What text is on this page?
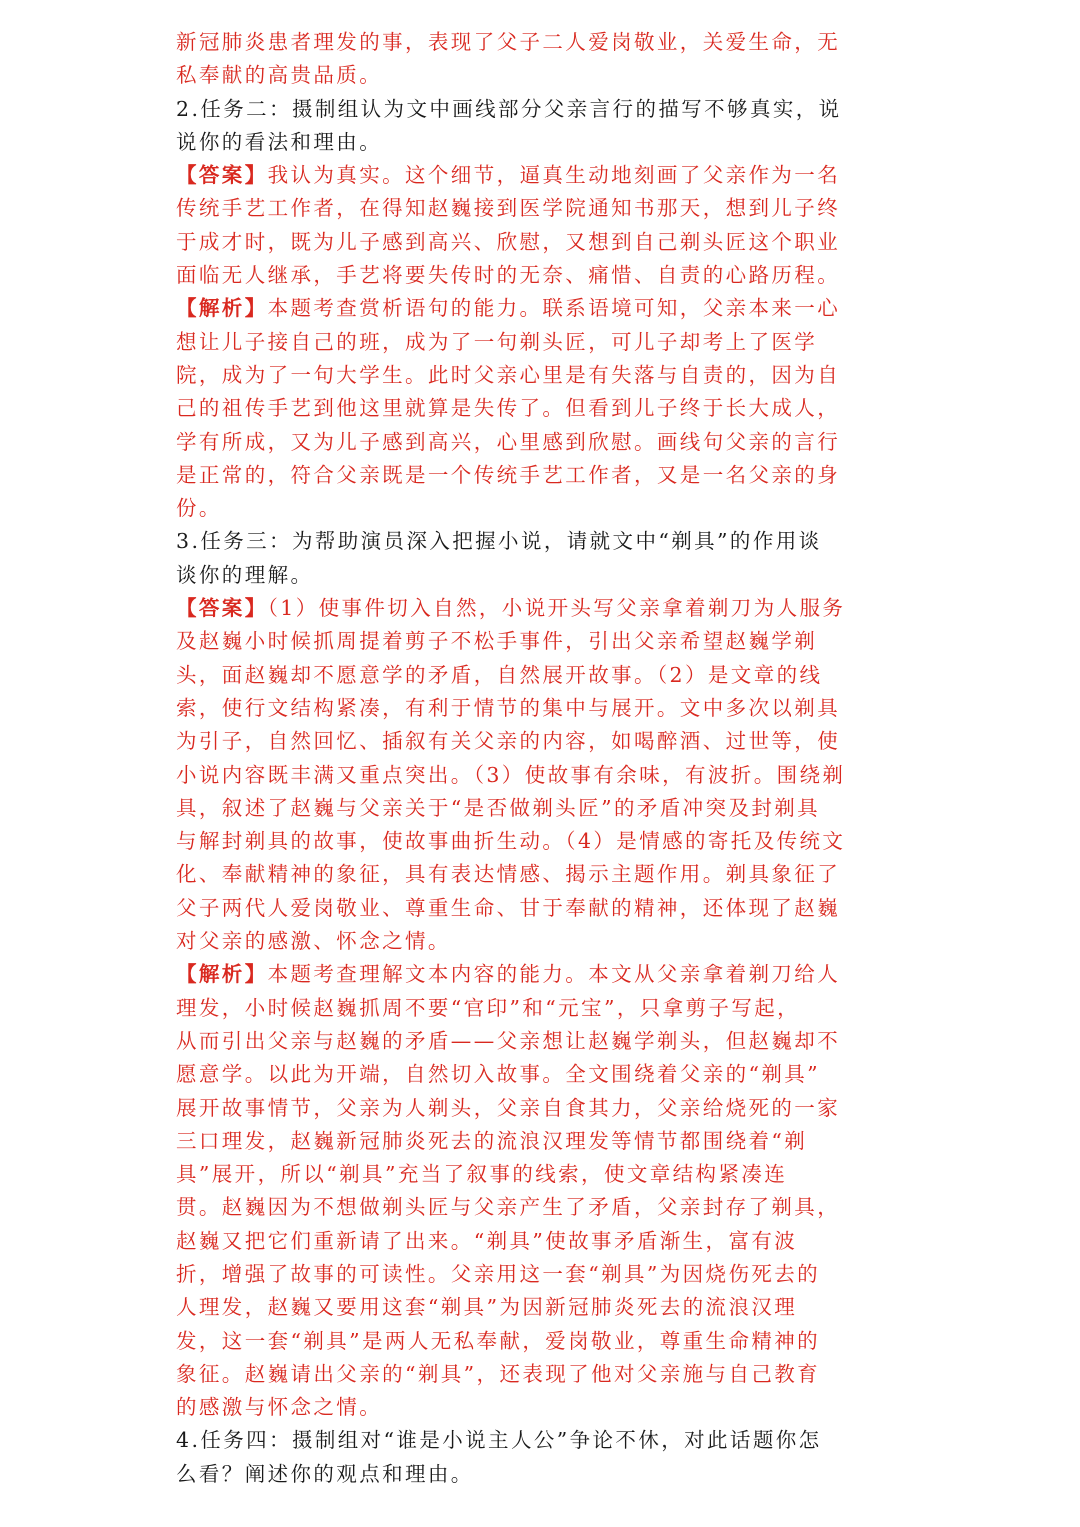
新冠肺炎患者理发的事，表现了父子二人爱岗敬业，关爱生命，无
私奉献的高贵品质。
2.任务二：摄制组认为文中画线部分父亲言行的描写不够真实，说
说你的看法和理由。
【答案】我认为真实。这个细节，逼真生动地刻画了父亲作为一名
传统手艺工作者，在得知赵巍接到医学院通知书那天，想到儿子终
于成才时，既为儿子感到高兴、欣慰，又想到自己剃头匠这个职业
面临无人继承，手艺将要失传时的无奈、痛惜、自责的心路历程。
【解析】本题考查赏析语句的能力。联系语境可知，父亲本来一心
想让儿子接自己的班，成为了一句剃头匠，可儿子却考上了医学
院，成为了一句大学生。此时父亲心里是有失落与自责的，因为自
己的祖传手艺到他这里就算是失传了。但看到儿子终于长大成人，
学有所成，又为儿子感到高兴，心里感到欣慰。画线句父亲的言行
是正常的，符合父亲既是一个传统手艺工作者，又是一名父亲的身
份。
3.任务三：为帮助演员深入把握小说，请就文中“剃具”的作用谈
谈你的理解。
【答案】（1）使事件切入自然，小说开头写父亲拿着剃刀为人服务
及赵巍小时候抓周提着剪子不松手事件，引出父亲希望赵巍学剃
头，面赵巍却不愿意学的矛盾，自然展开故事。（2）是文章的线
索，使行文结构紧凑，有利于情节的集中与展开。文中多次以剃具
为引子，自然回忆、插叙有关父亲的内容，如喝醉酒、过世等，使
小说内容既丰满又重点突出。（3）使故事有余味，有波折。围绕剃
具，叙述了赵巍与父亲关于“是否做剃头匠”的矛盾冲突及封剃具
与解封剃具的故事，使故事曲折生动。（4）是情感的寄托及传统文
化、奉献精神的象征，具有表达情感、揭示主题作用。剃具象征了
父子两代人爱岗敬业、尊重生命、甘于奉献的精神，还体现了赵巍
对父亲的感激、怀念之情。
【解析】本题考查理解文本内容的能力。本文从父亲拿着剃刀给人
理发，小时候赵巍抓周不要“官印”和“元宝”，只拿剪子写起，
从而引出父亲与赵巍的矛盾——父亲想让赵巍学剃头，但赵巍却不
愿意学。以此为开端，自然切入故事。全文围绕着父亲的“剃具”
展开故事情节，父亲为人剃头，父亲自食其力，父亲给烧死的一家
三口理发，赵巍新冠肺炎死去的流浪汉理发等情节都围绕着“剃
具”展开，所以“剃具”充当了叙事的线索，使文章结构紧凑连
贯。赵巍因为不想做剃头匠与父亲产生了矛盾，父亲封存了剃具，
赵巍又把它们重新请了出来。“剃具”使故事矛盾渐生，富有波
折，增强了故事的可读性。父亲用这一套“剃具”为因烧伤死去的
人理发，赵巍又要用这套“剃具”为因新冠肺炎死去的流浪汉理
发，这一套“剃具”是两人无私奉献，爱岗敬业，尊重生命精神的
象征。赵巍请出父亲的“剃具”，还表现了他对父亲施与自己教育
的感激与怀念之情。
4.任务四：摄制组对“谁是小说主人公”争论不休，对此话题你怎
么看？阐述你的观点和理由。
